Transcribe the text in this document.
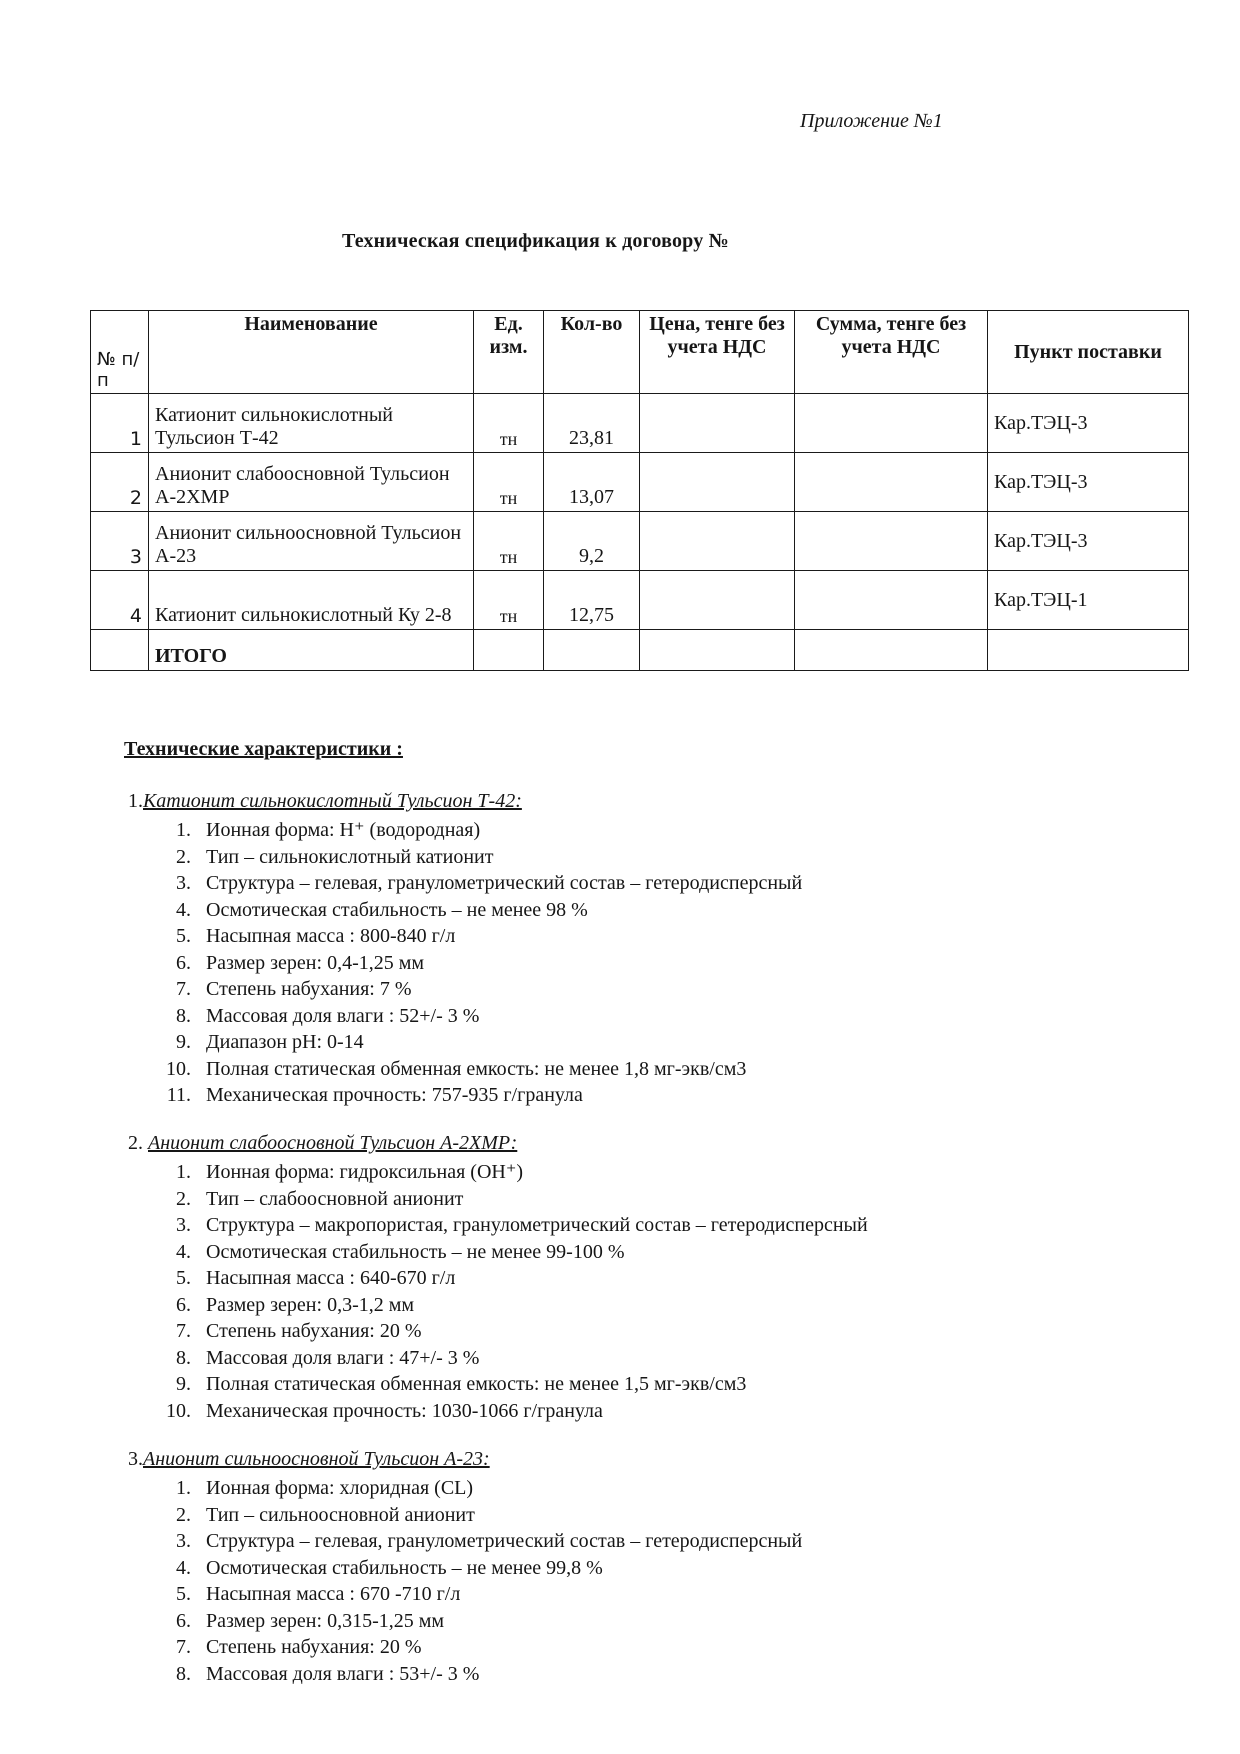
Приложение №1
Техническая спецификация к договору №
№ п/п	Наименование	Ед. изм.	Кол-во	Цена, тенге без учета НДС	Сумма, тенге без учета НДС	Пункт поставки
1	Катионит сильнокислотный Тульсион Т-42	тн	23,81			Кар.ТЭЦ-3
2	Анионит слабоосновной Тульсион А-2ХМР	тн	13,07			Кар.ТЭЦ-3
3	Анионит сильноосновной Тульсион А-23	тн	9,2			Кар.ТЭЦ-3
4	Катионит сильнокислотный Ку 2-8	тн	12,75			Кар.ТЭЦ-1
	ИТОГО					
Технические характеристики :
1.Катионит сильнокислотный Тульсион Т-42:
1. Ионная форма: H⁺ (водородная)
2. Тип – сильнокислотный катионит
3. Структура – гелевая, гранулометрический состав – гетеродисперсный
4. Осмотическая стабильность – не менее 98 %
5. Насыпная масса : 800-840 г/л
6. Размер зерен: 0,4-1,25 мм
7. Степень набухания: 7 %
8. Массовая доля влаги : 52+/- 3 %
9. Диапазон pH: 0-14
10. Полная статическая обменная емкость: не менее 1,8 мг-экв/см3
11. Механическая прочность: 757-935 г/гранула
2. Анионит слабоосновной Тульсион А-2ХМР:
1. Ионная форма: гидроксильная (OH⁺)
2. Тип – слабоосновной анионит
3. Структура – макропористая, гранулометрический состав – гетеродисперсный
4. Осмотическая стабильность – не менее 99-100 %
5. Насыпная масса : 640-670 г/л
6. Размер зерен: 0,3-1,2 мм
7. Степень набухания: 20 %
8. Массовая доля влаги : 47+/- 3 %
9. Полная статическая обменная емкость: не менее 1,5 мг-экв/см3
10. Механическая прочность: 1030-1066 г/гранула
3.Анионит сильноосновной Тульсион А-23:
1. Ионная форма: хлоридная (CL)
2. Тип – сильноосновной анионит
3. Структура – гелевая, гранулометрический состав – гетеродисперсный
4. Осмотическая стабильность – не менее 99,8 %
5. Насыпная масса : 670 -710 г/л
6. Размер зерен: 0,315-1,25 мм
7. Степень набухания: 20 %
8. Массовая доля влаги : 53+/- 3 %
